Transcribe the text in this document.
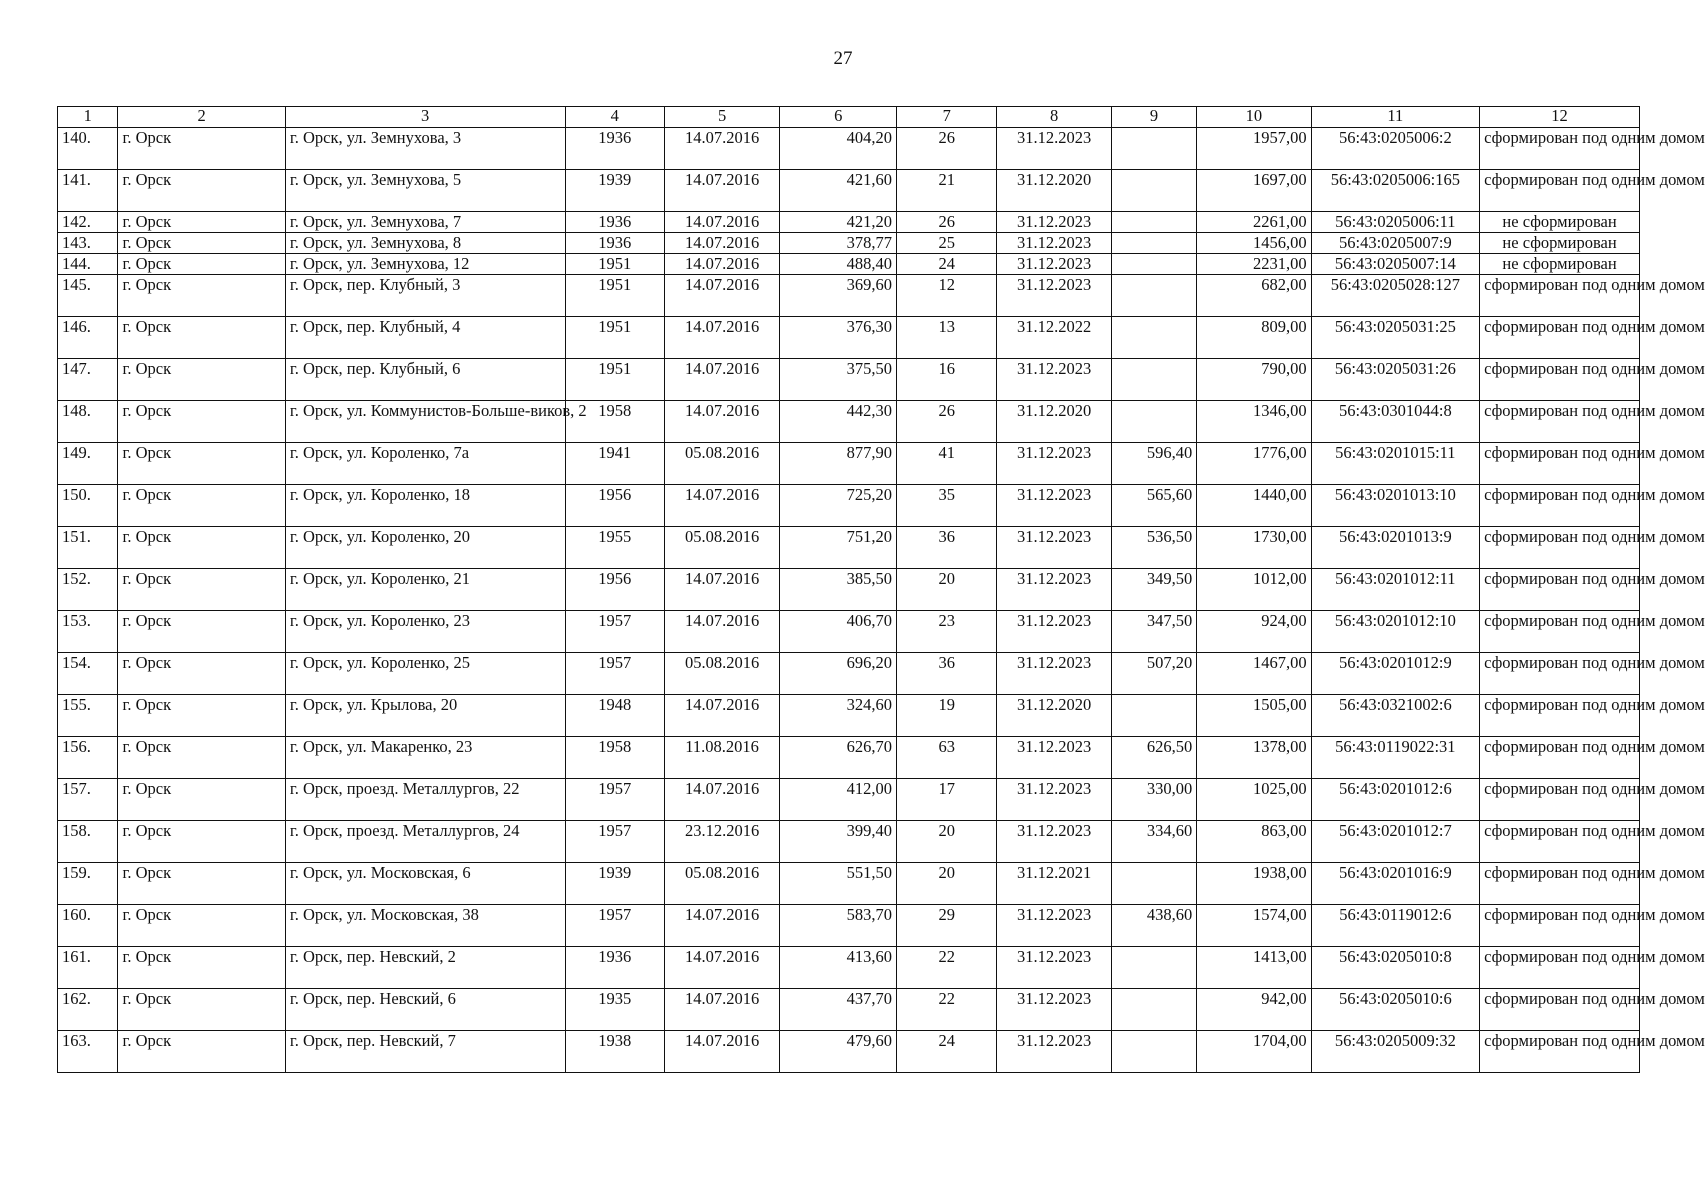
27
1	2	3	4	5	6	7	8	9	10	11	12
140.	г. Орск	г. Орск, ул. Земнухова, 3	1936	14.07.2016	404,20	26	31.12.2023		1957,00	56:43:0205006:2	сформирован под одним домом
141.	г. Орск	г. Орск, ул. Земнухова, 5	1939	14.07.2016	421,60	21	31.12.2020		1697,00	56:43:0205006:165	сформирован под одним домом
142.	г. Орск	г. Орск, ул. Земнухова, 7	1936	14.07.2016	421,20	26	31.12.2023		2261,00	56:43:0205006:11	не сформирован
143.	г. Орск	г. Орск, ул. Земнухова, 8	1936	14.07.2016	378,77	25	31.12.2023		1456,00	56:43:0205007:9	не сформирован
144.	г. Орск	г. Орск, ул. Земнухова, 12	1951	14.07.2016	488,40	24	31.12.2023		2231,00	56:43:0205007:14	не сформирован
145.	г. Орск	г. Орск, пер. Клубный, 3	1951	14.07.2016	369,60	12	31.12.2023		682,00	56:43:0205028:127	сформирован под одним домом
146.	г. Орск	г. Орск, пер. Клубный, 4	1951	14.07.2016	376,30	13	31.12.2022		809,00	56:43:0205031:25	сформирован под одним домом
147.	г. Орск	г. Орск, пер. Клубный, 6	1951	14.07.2016	375,50	16	31.12.2023		790,00	56:43:0205031:26	сформирован под одним домом
148.	г. Орск	г. Орск, ул. Коммунистов-Больше-виков, 2	1958	14.07.2016	442,30	26	31.12.2020		1346,00	56:43:0301044:8	сформирован под одним домом
149.	г. Орск	г. Орск, ул. Короленко, 7а	1941	05.08.2016	877,90	41	31.12.2023	596,40	1776,00	56:43:0201015:11	сформирован под одним домом
150.	г. Орск	г. Орск, ул. Короленко, 18	1956	14.07.2016	725,20	35	31.12.2023	565,60	1440,00	56:43:0201013:10	сформирован под одним домом
151.	г. Орск	г. Орск, ул. Короленко, 20	1955	05.08.2016	751,20	36	31.12.2023	536,50	1730,00	56:43:0201013:9	сформирован под одним домом
152.	г. Орск	г. Орск, ул. Короленко, 21	1956	14.07.2016	385,50	20	31.12.2023	349,50	1012,00	56:43:0201012:11	сформирован под одним домом
153.	г. Орск	г. Орск, ул. Короленко, 23	1957	14.07.2016	406,70	23	31.12.2023	347,50	924,00	56:43:0201012:10	сформирован под одним домом
154.	г. Орск	г. Орск, ул. Короленко, 25	1957	05.08.2016	696,20	36	31.12.2023	507,20	1467,00	56:43:0201012:9	сформирован под одним домом
155.	г. Орск	г. Орск, ул. Крылова, 20	1948	14.07.2016	324,60	19	31.12.2020		1505,00	56:43:0321002:6	сформирован под одним домом
156.	г. Орск	г. Орск, ул. Макаренко, 23	1958	11.08.2016	626,70	63	31.12.2023	626,50	1378,00	56:43:0119022:31	сформирован под одним домом
157.	г. Орск	г. Орск, проезд. Металлургов, 22	1957	14.07.2016	412,00	17	31.12.2023	330,00	1025,00	56:43:0201012:6	сформирован под одним домом
158.	г. Орск	г. Орск, проезд. Металлургов, 24	1957	23.12.2016	399,40	20	31.12.2023	334,60	863,00	56:43:0201012:7	сформирован под одним домом
159.	г. Орск	г. Орск, ул. Московская, 6	1939	05.08.2016	551,50	20	31.12.2021		1938,00	56:43:0201016:9	сформирован под одним домом
160.	г. Орск	г. Орск, ул. Московская, 38	1957	14.07.2016	583,70	29	31.12.2023	438,60	1574,00	56:43:0119012:6	сформирован под одним домом
161.	г. Орск	г. Орск, пер. Невский, 2	1936	14.07.2016	413,60	22	31.12.2023		1413,00	56:43:0205010:8	сформирован под одним домом
162.	г. Орск	г. Орск, пер. Невский, 6	1935	14.07.2016	437,70	22	31.12.2023		942,00	56:43:0205010:6	сформирован под одним домом
163.	г. Орск	г. Орск, пер. Невский, 7	1938	14.07.2016	479,60	24	31.12.2023		1704,00	56:43:0205009:32	сформирован под одним домом
